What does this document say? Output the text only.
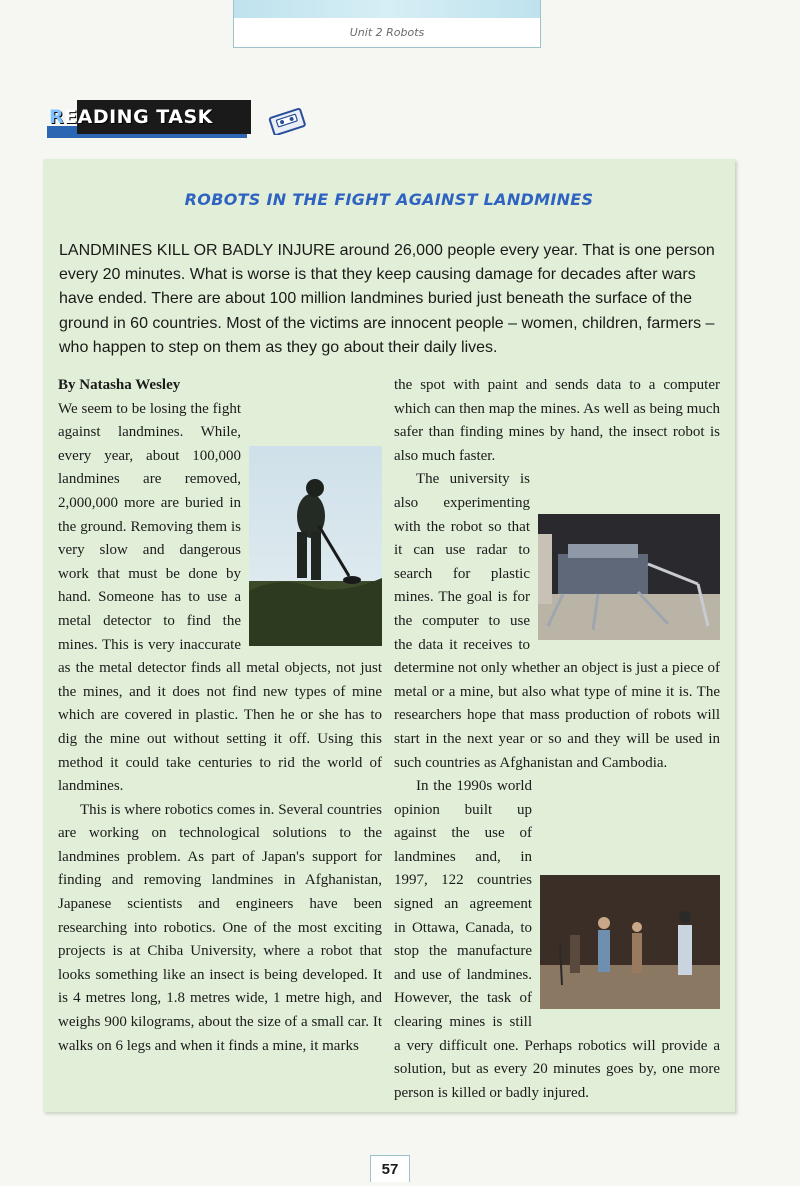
Unit 2 Robots
READING TASK
ROBOTS IN THE FIGHT AGAINST LANDMINES
LANDMINES KILL OR BADLY INJURE around 26,000 people every year. That is one person every 20 minutes. What is worse is that they keep causing damage for decades after wars have ended. There are about 100 million landmines buried just beneath the surface of the ground in 60 countries. Most of the victims are innocent people – women, children, farmers – who happen to step on them as they go about their daily lives.

By Natasha Wesley

We seem to be losing the fight against landmines. While, every year, about 100,000 landmines are removed, 2,000,000 more are buried in the ground. Removing them is very slow and dangerous work that must be done by hand. Someone has to use a metal detector to find the mines. This is very inaccurate as the metal detector finds all metal objects, not just the mines, and it does not find new types of mine which are covered in plastic. Then he or she has to dig the mine out without setting it off. Using this method it could take centuries to rid the world of landmines.

This is where robotics comes in. Several countries are working on technological solutions to the landmines problem. As part of Japan's support for finding and removing landmines in Afghanistan, Japanese scientists and engineers have been researching into robotics. One of the most exciting projects is at Chiba University, where a robot that looks something like an insect is being developed. It is 4 metres long, 1.8 metres wide, 1 metre high, and weighs 900 kilograms, about the size of a small car. It walks on 6 legs and when it finds a mine, it marks

the spot with paint and sends data to a computer which can then map the mines. As well as being much safer than finding mines by hand, the insect robot is also much faster.

The university is also experimenting with the robot so that it can use radar to search for plastic mines. The goal is for the computer to use the data it receives to determine not only whether an object is just a piece of metal or a mine, but also what type of mine it is. The researchers hope that mass production of robots will start in the next year or so and they will be used in such countries as Afghanistan and Cambodia.

In the 1990s world opinion built up against the use of landmines and, in 1997, 122 countries signed an agreement in Ottawa, Canada, to stop the manufacture and use of landmines. However, the task of clearing mines is still a very difficult one. Perhaps robotics will provide a solution, but as every 20 minutes goes by, one more person is killed or badly injured.

57
